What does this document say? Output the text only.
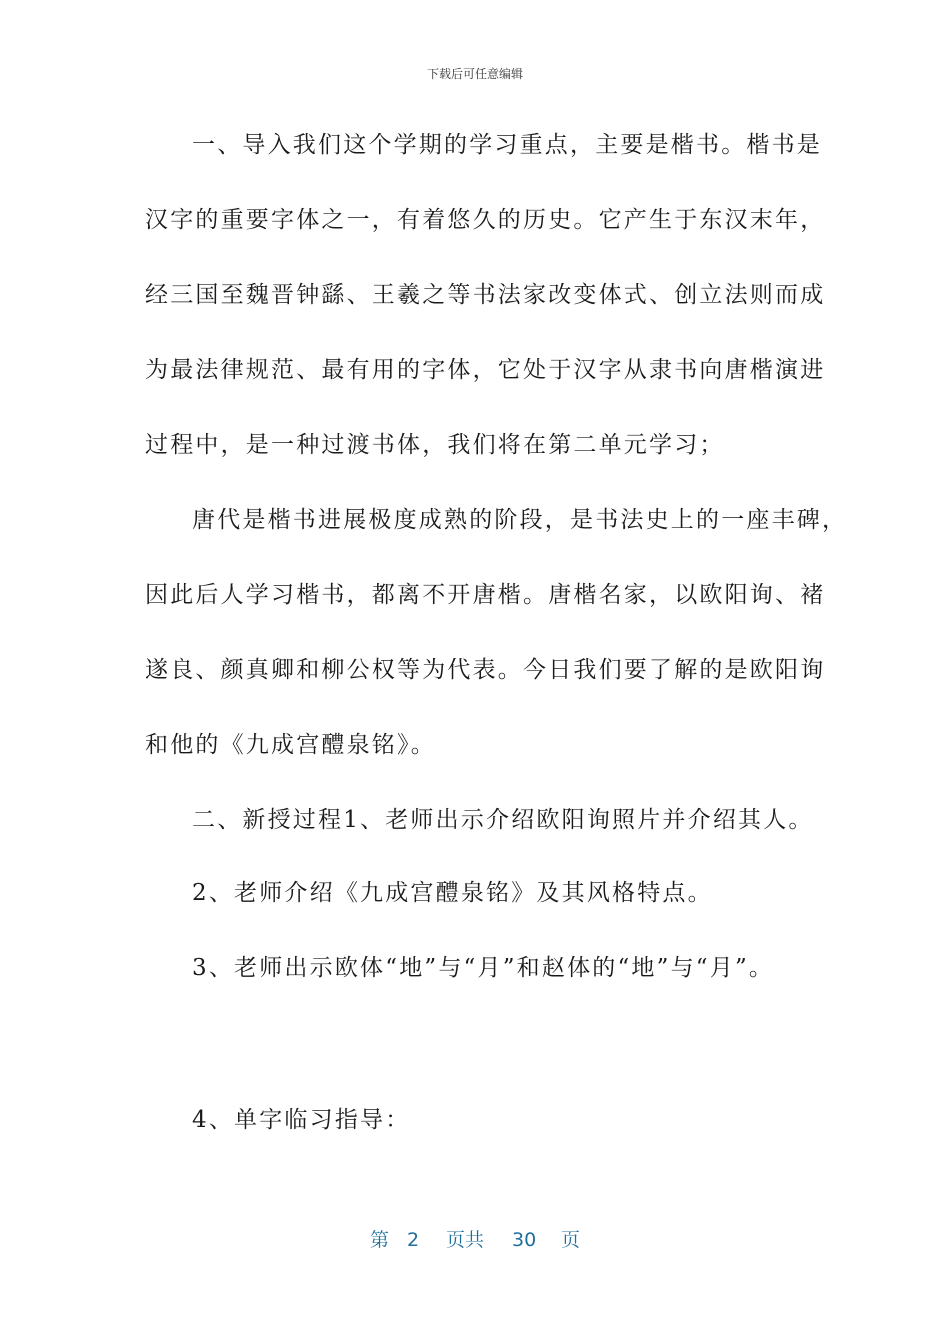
下载后可任意编辑
一、导入我们这个学期的学习重点，主要是楷书。楷书是
汉字的重要字体之一，有着悠久的历史。它产生于东汉末年，
经三国至魏晋钟繇、王羲之等书法家改变体式、创立法则而成
为最法律规范、最有用的字体，它处于汉字从隶书向唐楷演进
过程中，是一种过渡书体，我们将在第二单元学习；
唐代是楷书进展极度成熟的阶段，是书法史上的一座丰碑，
因此后人学习楷书，都离不开唐楷。唐楷名家，以欧阳询、褚
遂良、颜真卿和柳公权等为代表。今日我们要了解的是欧阳询
和他的《九成宫醴泉铭》。
二、新授过程1、老师出示介绍欧阳询照片并介绍其人。
2、老师介绍《九成宫醴泉铭》及其风格特点。
3、老师出示欧体“地”与“月”和赵体的“地”与“月”。
4、单字临习指导：
第 2 页共 30 页
